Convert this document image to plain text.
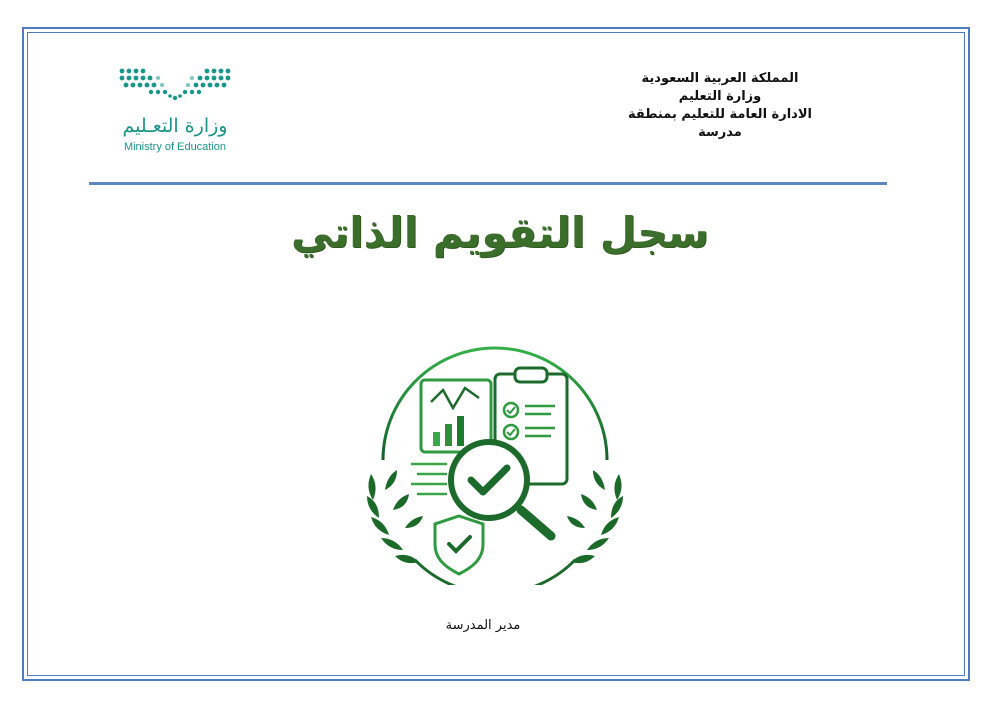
وزارة التعـليم
Ministry of Education
المملكة العربية السعودية
وزارة التعليم
الادارة العامة للتعليم بمنطقة
مدرسة
سجل التقويم الذاتي
مدير المدرسة
